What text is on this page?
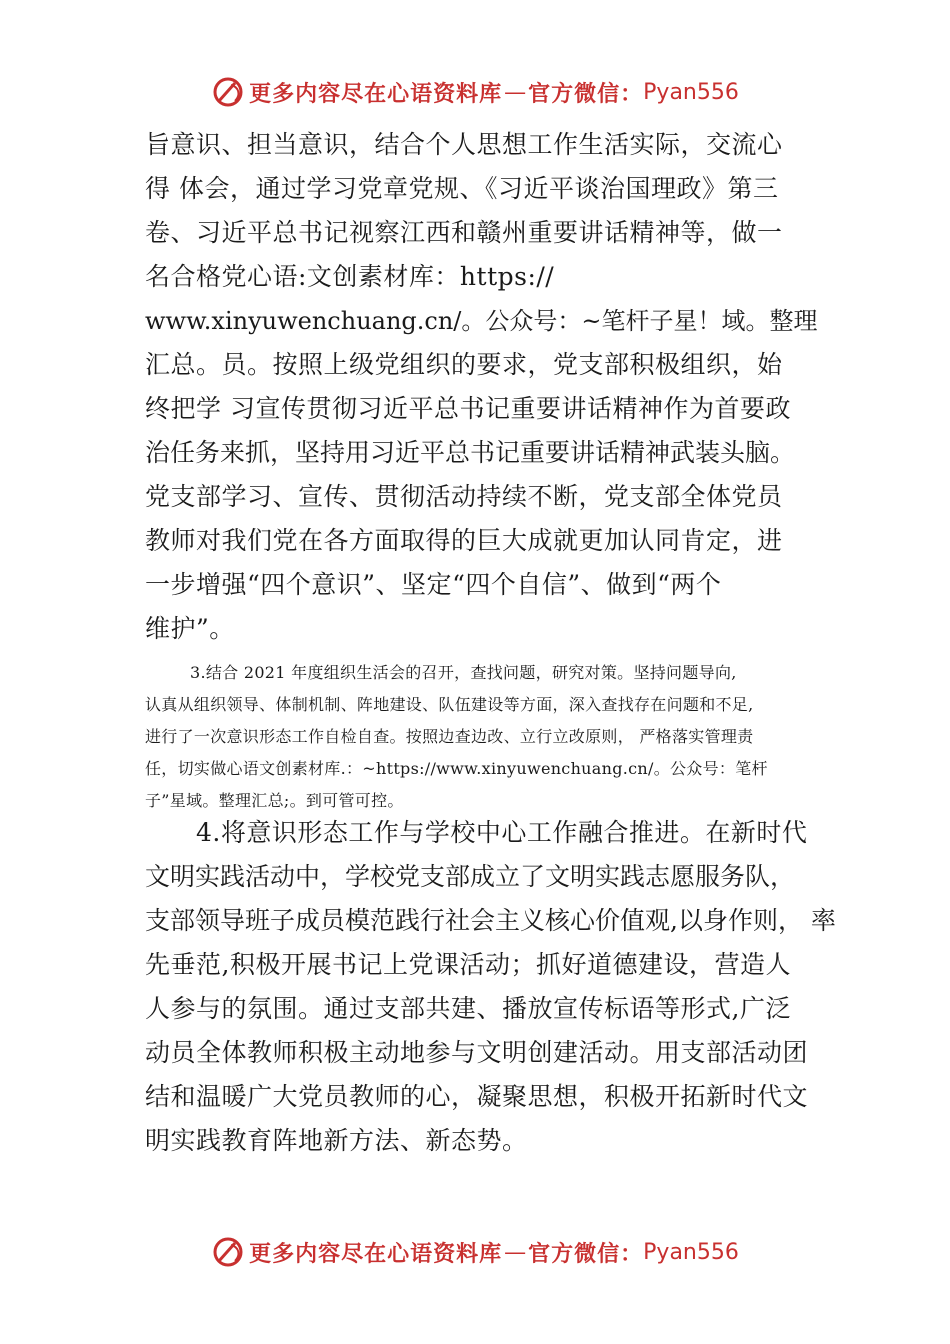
更多内容尽在心语资料库 — 官方微信： Pyan556
旨意识、担当意识，结合个人思想工作生活实际，交流心
得 体会，通过学习党章党规、《习近平谈治国理政》第三
卷、习近平总书记视察江西和赣州重要讲话精神等，做一
名合格党心语:文创素材库：https://
www.xinyuwenchuang.cn/。公众号：~笔杆子星！域。整理
汇总。员。按照上级党组织的要求，党支部积极组织，始
终把学 习宣传贯彻习近平总书记重要讲话精神作为首要政
治任务来抓，坚持用习近平总书记重要讲话精神武装头脑。
党支部学习、宣传、贯彻活动持续不断，党支部全体党员
教师对我们党在各方面取得的巨大成就更加认同肯定，进
一步增强“四个意识”、坚定“四个自信”、做到“两个
维护”。
3.结合 2021 年度组织生活会的召开，查找问题，研究对策。坚持问题导向,
认真从组织领导、体制机制、阵地建设、队伍建设等方面，深入查找存在问题和不足,
进行了一次意识形态工作自检自查。按照边查边改、立行立改原则， 严格落实管理责
任，切实做心语文创素材库.：~https://www.xinyuwenchuang.cn/。公众号：笔杆
子”星域。整理汇总;。到可管可控。
4.将意识形态工作与学校中心工作融合推进。在新时代
文明实践活动中，学校党支部成立了文明实践志愿服务队，
支部领导班子成员模范践行社会主义核心价值观,以身作则， 率
先垂范,积极开展书记上党课活动；抓好道德建设，营造人
人参与的氛围。通过支部共建、播放宣传标语等形式,广泛
动员全体教师积极主动地参与文明创建活动。用支部活动团
结和温暖广大党员教师的心，凝聚思想，积极开拓新时代文
明实践教育阵地新方法、新态势。
更多内容尽在心语资料库 — 官方微信： Pyan556
